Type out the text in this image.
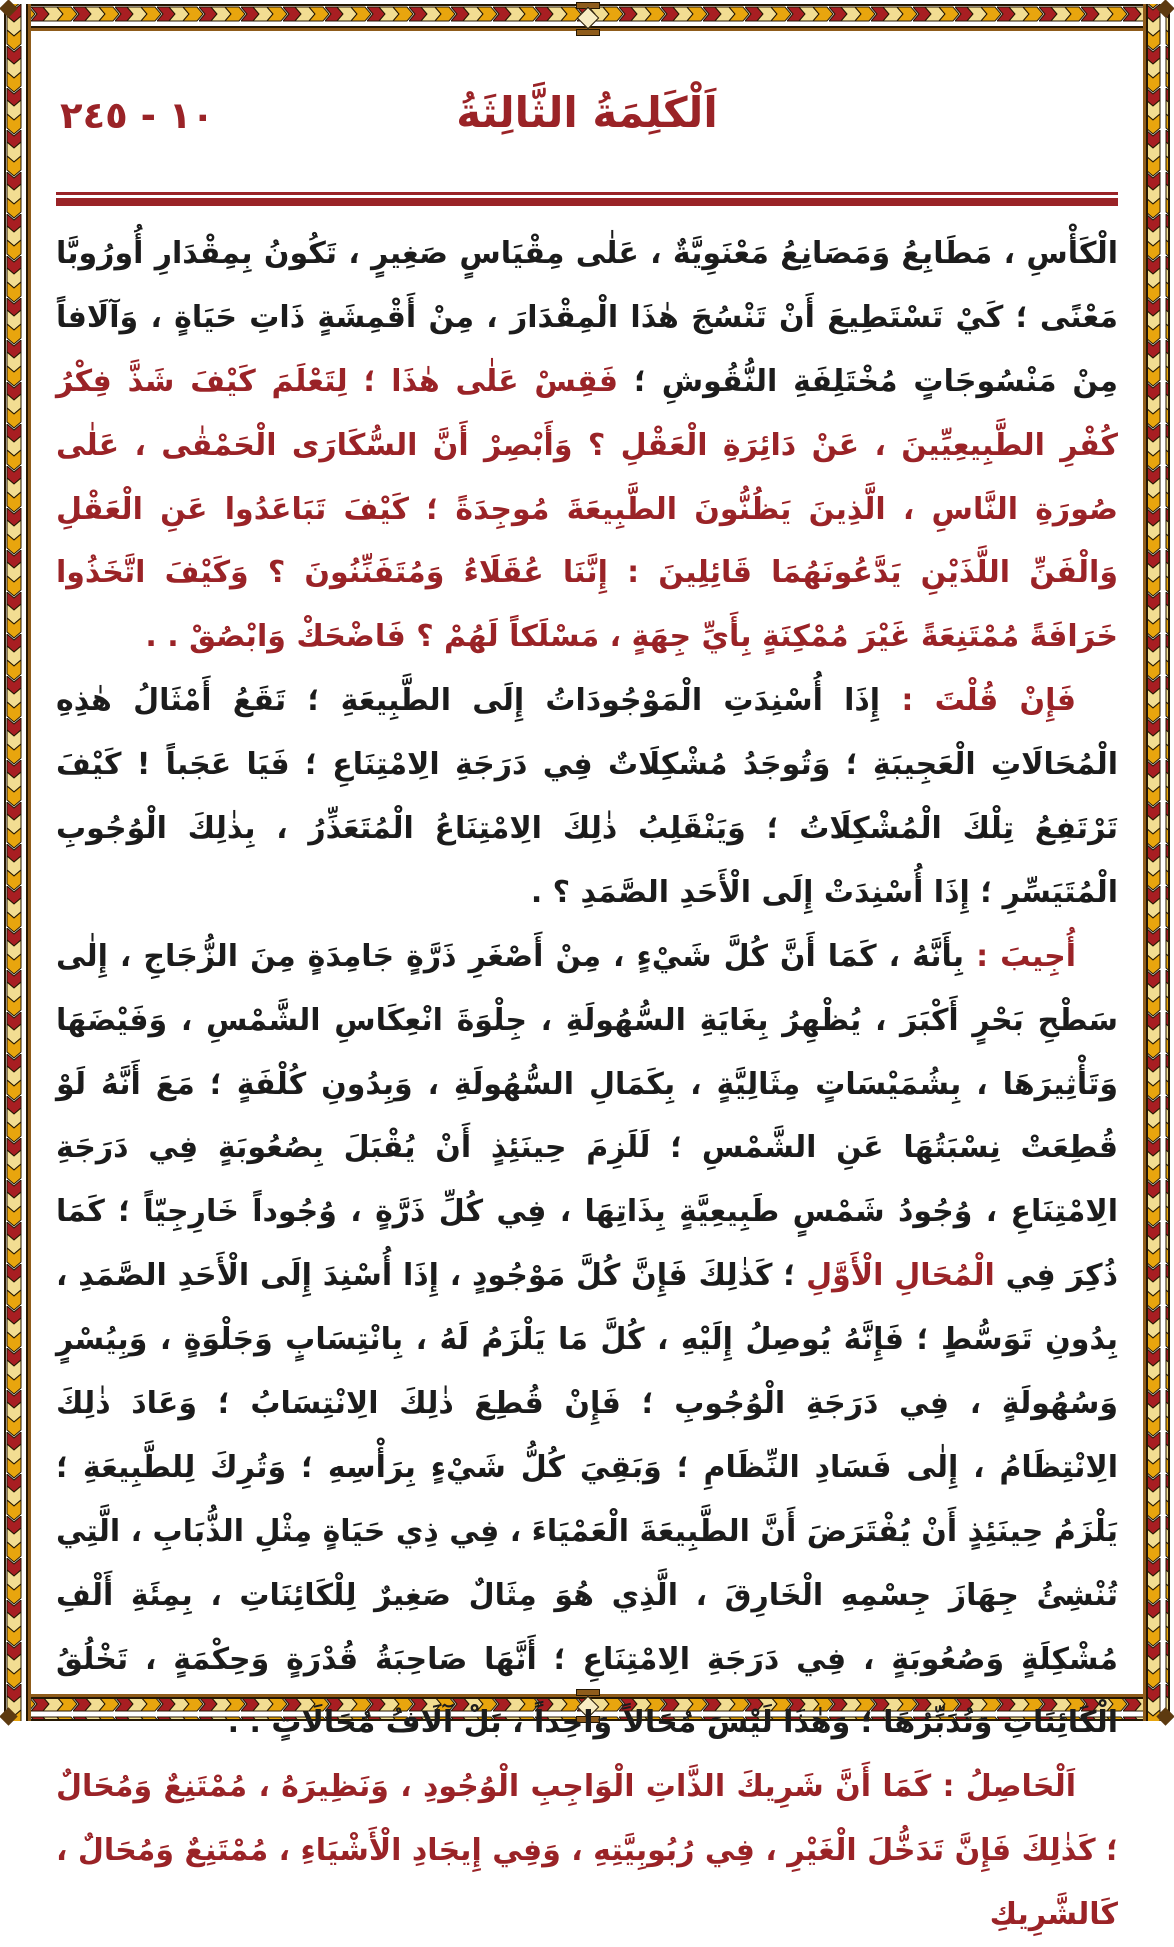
١٠ - ٢٤٥	اَلْكَلِمَةُ الثَّالِثَةُ

الْكَأْسِ ، مَطَابِعُ وَمَصَانِعُ مَعْنَوِيَّةٌ ، عَلٰى مِقْيَاسٍ صَغِيرٍ ، تَكُونُ بِمِقْدَارِ أُورُوبَّا مَعْنًى ؛ كَيْ تَسْتَطِيعَ أَنْ تَنْسُجَ هٰذَا الْمِقْدَارَ ، مِنْ أَقْمِشَةٍ ذَاتِ حَيَاةٍ ، وَآلَافاً مِنْ مَنْسُوجَاتٍ مُخْتَلِفَةِ النُّقُوشِ ؛ فَقِسْ عَلٰى هٰذَا ؛ لِتَعْلَمَ كَيْفَ شَذَّ فِكْرُ كُفْرِ الطَّبِيعِيِّينَ ، عَنْ دَائِرَةِ الْعَقْلِ ؟ وَأَبْصِرْ أَنَّ السُّكَارَى الْحَمْقٰى ، عَلٰى صُورَةِ النَّاسِ ، الَّذِينَ يَظُنُّونَ الطَّبِيعَةَ مُوجِدَةً ؛ كَيْفَ تَبَاعَدُوا عَنِ الْعَقْلِ وَالْفَنِّ اللَّذَيْنِ يَدَّعُونَهُمَا قَائِلِينَ : إِنَّنَا عُقَلَاءُ وَمُتَفَنِّنُونَ ؟ وَكَيْفَ اتَّخَذُوا خَرَافَةً مُمْتَنِعَةً غَيْرَ مُمْكِنَةٍ بِأَيِّ جِهَةٍ ، مَسْلَكاً لَهُمْ ؟ فَاضْحَكْ وَابْصُقْ . .

فَإِنْ قُلْتَ : إِذَا أُسْنِدَتِ الْمَوْجُودَاتُ إِلَى الطَّبِيعَةِ ؛ تَقَعُ أَمْثَالُ هٰذِهِ الْمُحَالَاتِ الْعَجِيبَةِ ؛ وَتُوجَدُ مُشْكِلَاتٌ فِي دَرَجَةِ الِامْتِنَاعِ ؛ فَيَا عَجَباً ! كَيْفَ تَرْتَفِعُ تِلْكَ الْمُشْكِلَاتُ ؛ وَيَنْقَلِبُ ذٰلِكَ الِامْتِنَاعُ الْمُتَعَذِّرُ ، بِذٰلِكَ الْوُجُوبِ الْمُتَيَسِّرِ ؛ إِذَا أُسْنِدَتْ إِلَى الْأَحَدِ الصَّمَدِ ؟ .

أُجِيبَ : بِأَنَّهُ ، كَمَا أَنَّ كُلَّ شَيْءٍ ، مِنْ أَصْغَرِ ذَرَّةٍ جَامِدَةٍ مِنَ الزُّجَاجِ ، إِلٰى سَطْحِ بَحْرٍ أَكْبَرَ ، يُظْهِرُ بِغَايَةِ السُّهُولَةِ ، جِلْوَةَ انْعِكَاسِ الشَّمْسِ ، وَفَيْضَهَا وَتَأْثِيرَهَا ، بِشُمَيْسَاتٍ مِثَالِيَّةٍ ، بِكَمَالِ السُّهُولَةِ ، وَبِدُونِ كُلْفَةٍ ؛ مَعَ أَنَّهُ لَوْ قُطِعَتْ نِسْبَتُهَا عَنِ الشَّمْسِ ؛ لَلَزِمَ حِينَئِذٍ أَنْ يُقْبَلَ بِصُعُوبَةٍ فِي دَرَجَةِ الِامْتِنَاعِ ، وُجُودُ شَمْسٍ طَبِيعِيَّةٍ بِذَاتِهَا ، فِي كُلِّ ذَرَّةٍ ، وُجُوداً خَارِجِيّاً ؛ كَمَا ذُكِرَ فِي الْمُحَالِ الْأَوَّلِ ؛ كَذٰلِكَ فَإِنَّ كُلَّ مَوْجُودٍ ، إِذَا أُسْنِدَ إِلَى الْأَحَدِ الصَّمَدِ ، بِدُونِ تَوَسُّطٍ ؛ فَإِنَّهُ يُوصِلُ إِلَيْهِ ، كُلَّ مَا يَلْزَمُ لَهُ ، بِانْتِسَابٍ وَجَلْوَةٍ ، وَبِيُسْرٍ وَسُهُولَةٍ ، فِي دَرَجَةِ الْوُجُوبِ ؛ فَإِنْ قُطِعَ ذٰلِكَ الِانْتِسَابُ ؛ وَعَادَ ذٰلِكَ الِانْتِظَامُ ، إِلٰى فَسَادِ النِّظَامِ ؛ وَبَقِيَ كُلُّ شَيْءٍ بِرَأْسِهِ ؛ وَتُرِكَ لِلطَّبِيعَةِ ؛ يَلْزَمُ حِينَئِذٍ أَنْ يُفْتَرَضَ أَنَّ الطَّبِيعَةَ الْعَمْيَاءَ ، فِي ذِي حَيَاةٍ مِثْلِ الذُّبَابِ ، الَّتِي تُنْشِئُ جِهَازَ جِسْمِهِ الْخَارِقَ ، الَّذِي هُوَ مِثَالٌ صَغِيرٌ لِلْكَائِنَاتِ ، بِمِئَةِ أَلْفِ مُشْكِلَةٍ وَصُعُوبَةٍ ، فِي دَرَجَةِ الِامْتِنَاعِ ؛ أَنَّهَا صَاحِبَةُ قُدْرَةٍ وَحِكْمَةٍ ، تَخْلُقُ الْكَائِنَاتِ وَتُدَبِّرُهَا ؛ وَهٰذَا لَيْسَ مُحَالاً وَاحِداً ، بَلْ آلَافُ مُحَالَاتٍ . .

اَلْحَاصِلُ : كَمَا أَنَّ شَرِيكَ الذَّاتِ الْوَاجِبِ الْوُجُودِ ، وَنَظِيرَهُ ، مُمْتَنِعٌ وَمُحَالٌ ؛ كَذٰلِكَ فَإِنَّ تَدَخُّلَ الْغَيْرِ ، فِي رُبُوبِيَّتِهِ ، وَفِي إِيجَادِ الْأَشْيَاءِ ، مُمْتَنِعٌ وَمُحَالٌ ، كَالشَّرِيكِ
